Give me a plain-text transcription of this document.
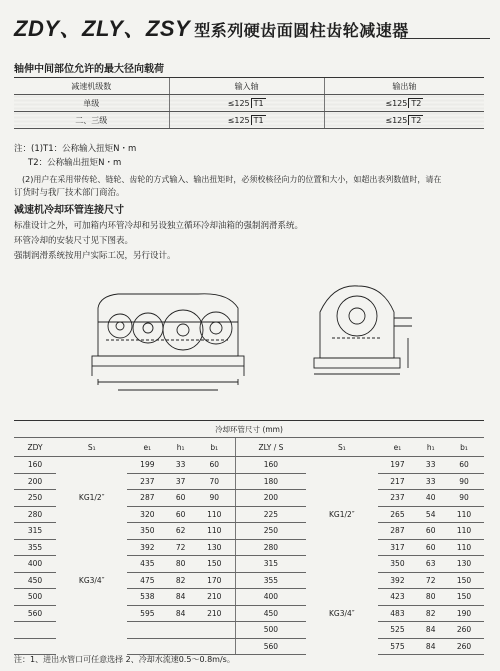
ZDY、ZLY、ZSY 型系列硬齿面圆柱齿轮减速器
轴伸中间部位允许的最大径向载荷
减速机级数	输入轴	输出轴
单级	≤125 T1	≤125 T2
二、三级	≤125 T1	≤125 T2
注：(1)T1：公称输入扭矩N・m
T2：公称输出扭矩N・m
(2)用户在采用带传轮、链轮、齿轮的方式输入、输出扭矩时，必须校核径向力的位置和大小，如超出表列数值时，请在
订货时与我厂技术部门商治。
减速机冷却环管连接尺寸
标准设计之外，可加箱内环管冷却和另设独立循环冷却油箱的强制润滑系统。
环管冷却的安装尺寸见下图表。
强制润滑系统按用户实际工况，另行设计。
冷却环管尺寸 (mm)									
ZDY	S₁	e₁	h₁	b₁	ZLY / S	S₁	e₁	h₁	b₁
160		199	33	60	160		197	33	60
200		237	37	70	180		217	33	90
250	KG1/2″	287	60	90	200		237	40	90
280		320	60	110	225	KG1/2″	265	54	110
315		350	62	110	250		287	60	110
355		392	72	130	280		317	60	110
400		435	80	150	315		350	63	130
450	KG3/4″	475	82	170	355		392	72	150
500		538	84	210	400		423	80	150
560		595	84	210	450	KG3/4″	483	82	190
					500		525	84	260
					560		575	84	260
注：1、进出水管口可任意选择 2、冷却水流速0.5～0.8m/s。
